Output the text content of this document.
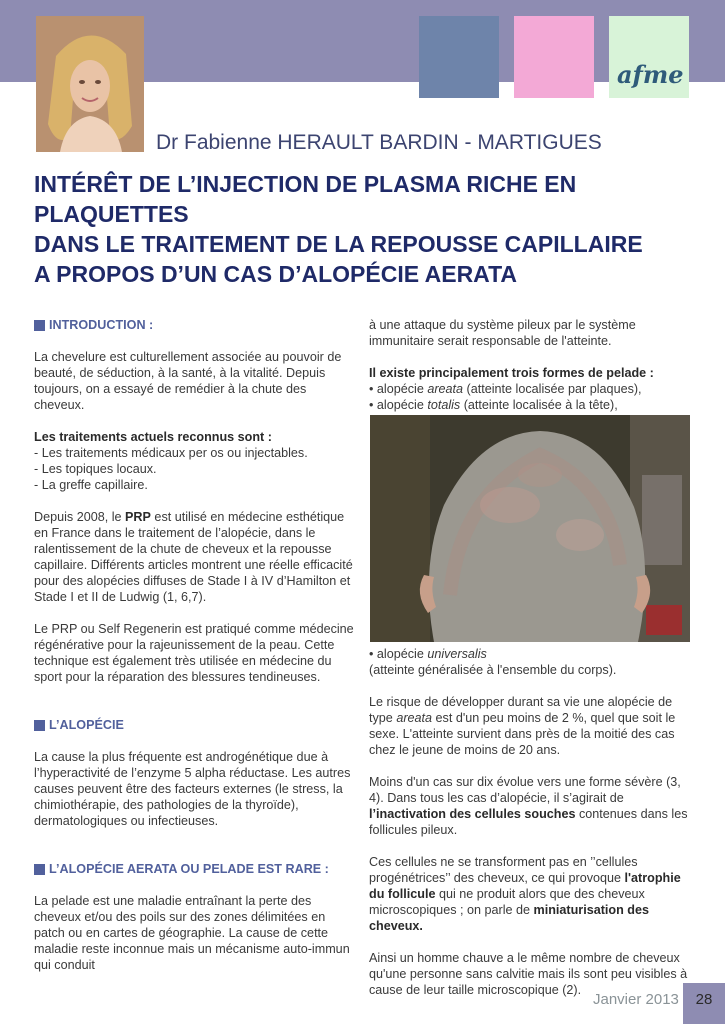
afme
Dr Fabienne HERAULT BARDIN - MARTIGUES
INTÉRÊT DE L’INJECTION DE PLASMA RICHE EN PLAQUETTES
DANS LE TRAITEMENT DE LA REPOUSSE CAPILLAIRE
A PROPOS D’UN CAS D’ALOPÉCIE AERATA
INTRODUCTION :

La chevelure est culturellement associée au pouvoir de beauté, de séduction, à la santé, à la vitalité. Depuis toujours, on a essayé de remédier à la chute des cheveux.

Les traitements actuels reconnus sont :

- Les traitements médicaux per os ou injectables.

- Les topiques locaux.

- La greffe capillaire.

Depuis 2008, le PRP est utilisé en médecine esthétique en France dans le traitement de l’alopécie, dans le ralentissement de la chute de cheveux et la repousse capillaire. Différents articles montrent une réelle efficacité pour des alopécies diffuses de Stade I à IV d’Hamilton et Stade I et II de Ludwig (1, 6,7).

Le PRP ou Self Regenerin est pratiqué comme médecine régénérative pour la rajeunissement de la peau. Cette technique est également très utilisée en médecine du sport pour la réparation des blessures tendineuses.

L’ALOPÉCIE

La cause la plus fréquente est androgénétique due à l’hyperactivité de l’enzyme 5 alpha réductase. Les autres causes peuvent être des facteurs externes (le stress, la chimiothérapie, des pathologies de la thyroïde), dermatologiques ou infectieuses.

L’ALOPÉCIE AERATA OU PELADE EST RARE :

La pelade est une maladie entraînant la perte des cheveux et/ou des poils sur des zones délimitées en patch ou en cartes de géographie. La cause de cette maladie reste inconnue mais un mécanisme auto-immun qui conduit

à une attaque du système pileux par le système immunitaire serait responsable de l'atteinte.

Il existe principalement trois formes de pelade :

• alopécie areata (atteinte localisée par plaques),

• alopécie totalis (atteinte localisée à la tête),

• alopécie universalis

(atteinte généralisée à l'ensemble du corps).

Le risque de développer durant sa vie une alopécie de type areata est d'un peu moins de 2 %, quel que soit le sexe. L'atteinte survient dans près de la moitié des cas chez le jeune de moins de 20 ans.

Moins d'un cas sur dix évolue vers une forme sévère (3, 4). Dans tous les cas d’alopécie, il s’agirait de l’inactivation des cellules souches contenues dans les follicules pileux.

Ces cellules ne se transforment pas en ’’cellules progénétrices’’ des cheveux, ce qui provoque l'atrophie du follicule qui ne produit alors que des cheveux microscopiques ; on parle de miniaturisation des cheveux.

Ainsi un homme chauve a le même nombre de cheveux qu'une personne sans calvitie mais ils sont peu visibles à cause de leur taille microscopique (2).

Janvier 2013	28
